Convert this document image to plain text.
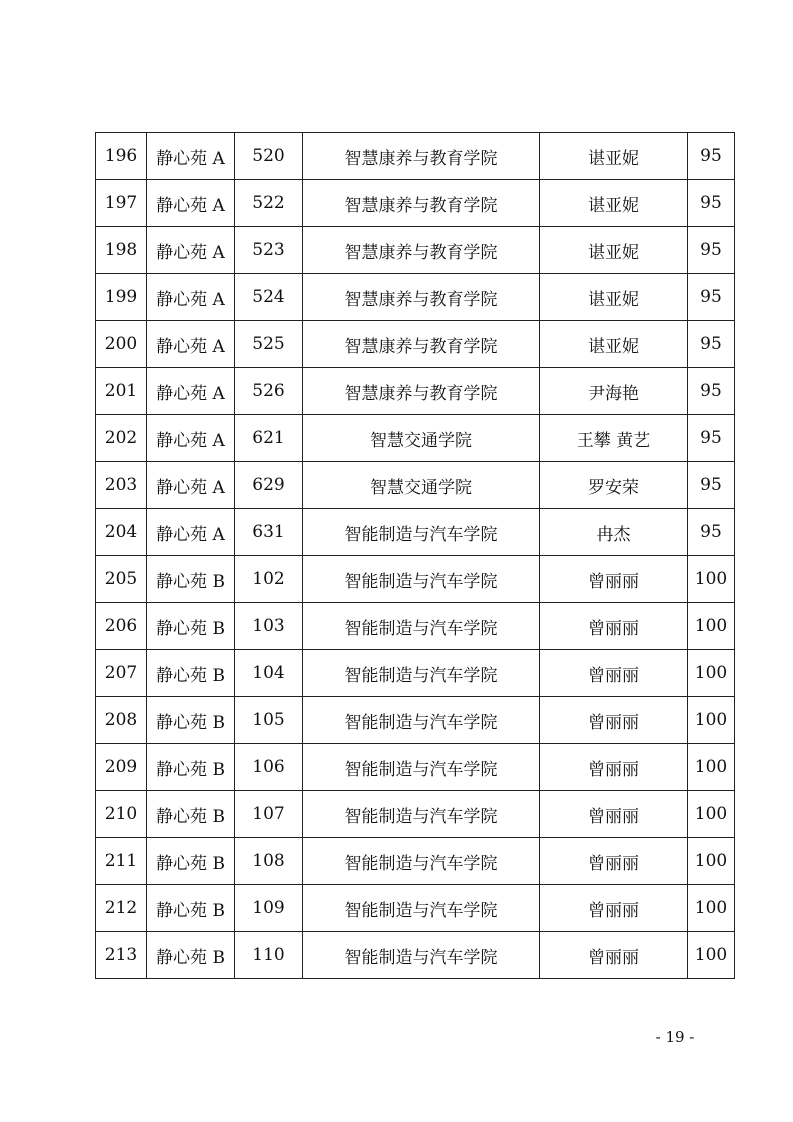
196	静心苑 A	520	智慧康养与教育学院	谌亚妮	95
197	静心苑 A	522	智慧康养与教育学院	谌亚妮	95
198	静心苑 A	523	智慧康养与教育学院	谌亚妮	95
199	静心苑 A	524	智慧康养与教育学院	谌亚妮	95
200	静心苑 A	525	智慧康养与教育学院	谌亚妮	95
201	静心苑 A	526	智慧康养与教育学院	尹海艳	95
202	静心苑 A	621	智慧交通学院	王攀 黄艺	95
203	静心苑 A	629	智慧交通学院	罗安荣	95
204	静心苑 A	631	智能制造与汽车学院	冉杰	95
205	静心苑 B	102	智能制造与汽车学院	曾丽丽	100
206	静心苑 B	103	智能制造与汽车学院	曾丽丽	100
207	静心苑 B	104	智能制造与汽车学院	曾丽丽	100
208	静心苑 B	105	智能制造与汽车学院	曾丽丽	100
209	静心苑 B	106	智能制造与汽车学院	曾丽丽	100
210	静心苑 B	107	智能制造与汽车学院	曾丽丽	100
211	静心苑 B	108	智能制造与汽车学院	曾丽丽	100
212	静心苑 B	109	智能制造与汽车学院	曾丽丽	100
213	静心苑 B	110	智能制造与汽车学院	曾丽丽	100
- 19 -
